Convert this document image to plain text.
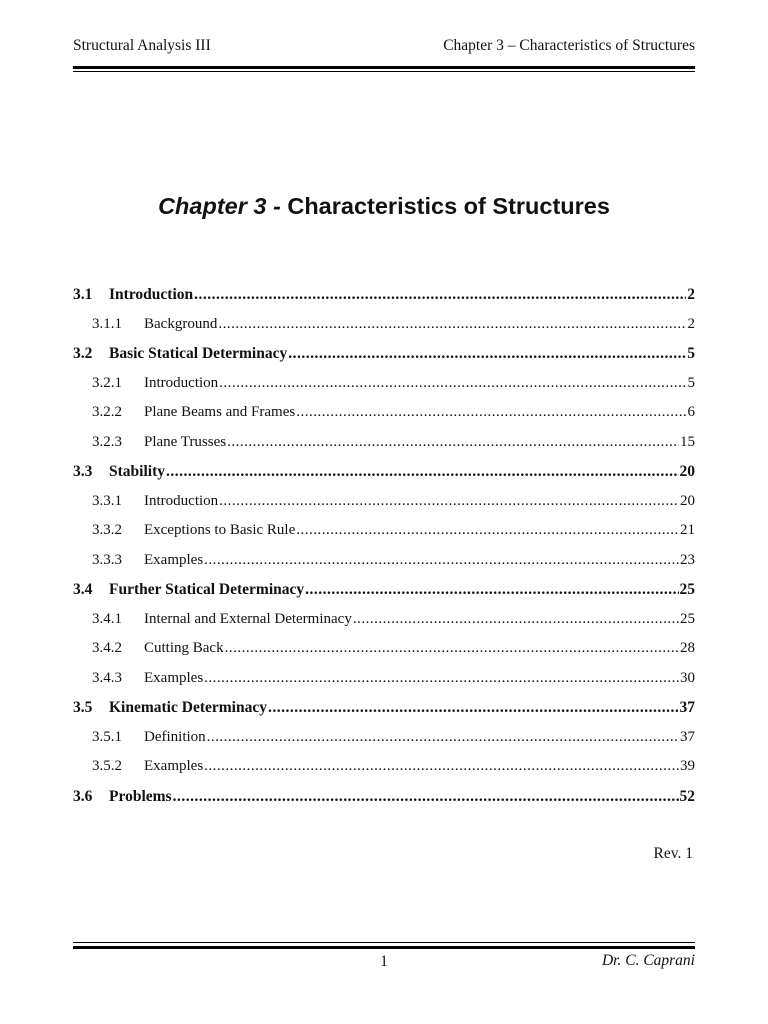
Structural Analysis III	Chapter 3 – Characteristics of Structures
Chapter 3 - Characteristics of Structures
3.1	Introduction .....	2
3.1.1	Background .....	2
3.2	Basic Statical Determinacy .....	5
3.2.1	Introduction .....	5
3.2.2	Plane Beams and Frames .....	6
3.2.3	Plane Trusses .....	15
3.3	Stability .....	20
3.3.1	Introduction .....	20
3.3.2	Exceptions to Basic Rule .....	21
3.3.3	Examples .....	23
3.4	Further Statical Determinacy .....	25
3.4.1	Internal and External Determinacy .....	25
3.4.2	Cutting Back .....	28
3.4.3	Examples .....	30
3.5	Kinematic Determinacy .....	37
3.5.1	Definition .....	37
3.5.2	Examples .....	39
3.6	Problems .....	52
Rev. 1
1	Dr. C. Caprani
